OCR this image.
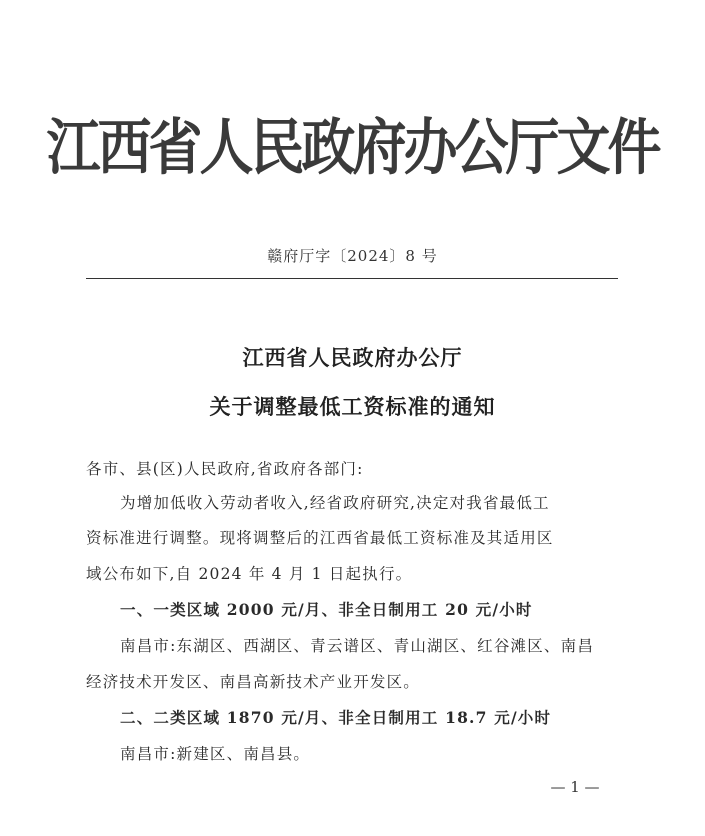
江西省人民政府办公厅文件
赣府厅字〔2024〕8 号
江西省人民政府办公厅
关于调整最低工资标准的通知
各市、县(区)人民政府,省政府各部门:
为增加低收入劳动者收入,经省政府研究,决定对我省最低工
资标准进行调整。现将调整后的江西省最低工资标准及其适用区
域公布如下,自 2024 年 4 月 1 日起执行。
一、一类区域 2000 元/月、非全日制用工 20 元/小时
南昌市:东湖区、西湖区、青云谱区、青山湖区、红谷滩区、南昌
经济技术开发区、南昌高新技术产业开发区。
二、二类区域 1870 元/月、非全日制用工 18.7 元/小时
南昌市:新建区、南昌县。
— 1 —
